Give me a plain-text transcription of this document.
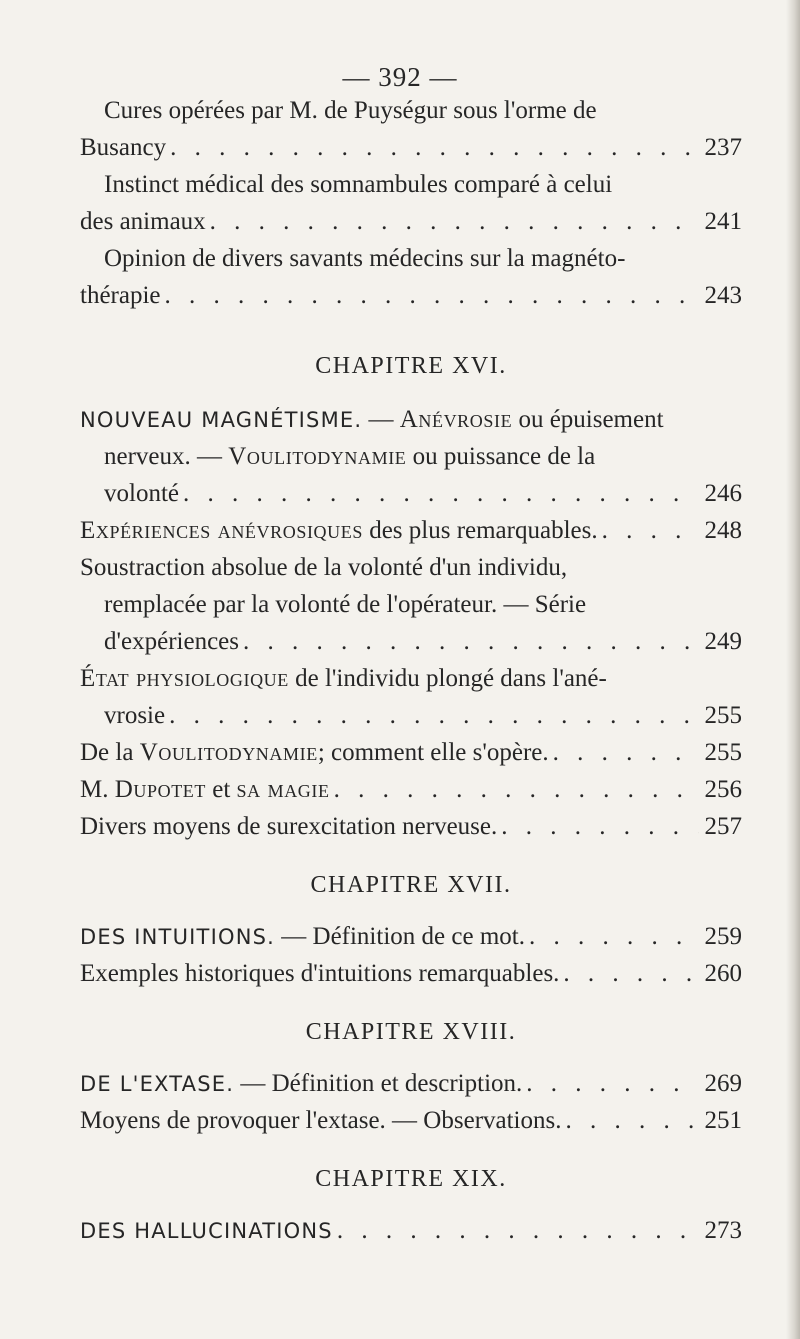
— 392 —
Cures opérées par M. de Puységur sous l'orme de
Busancy . . .	237
Instinct médical des somnambules comparé à celui
des animaux . . .	241
Opinion de divers savants médecins sur la magnéto-
thérapie . . .	243
CHAPITRE XVI.
NOUVEAU MAGNÉTISME. — Anévrosie ou épuisement
nerveux. — Voulitodynamie ou puissance de la
volonté . . .	246
Expériences anévrosiques des plus remarquables. . . .	248
Soustraction absolue de la volonté d'un individu,
remplacée par la volonté de l'opérateur. — Série
d'expériences . . .	249
État physiologique de l'individu plongé dans l'ané-
vrosie . . .	255
De la Voulitodynamie; comment elle s'opère. . . .	255
M. Dupotet et sa magie . . .	256
Divers moyens de surexcitation nerveuse. . . .	257
CHAPITRE XVII.
DES INTUITIONS. — Définition de ce mot. . . .	259
Exemples historiques d'intuitions remarquables. . . .	260
CHAPITRE XVIII.
DE L'EXTASE. — Définition et description. . . .	269
Moyens de provoquer l'extase. — Observations. . . .	251
CHAPITRE XIX.
DES HALLUCINATIONS . . .	273
